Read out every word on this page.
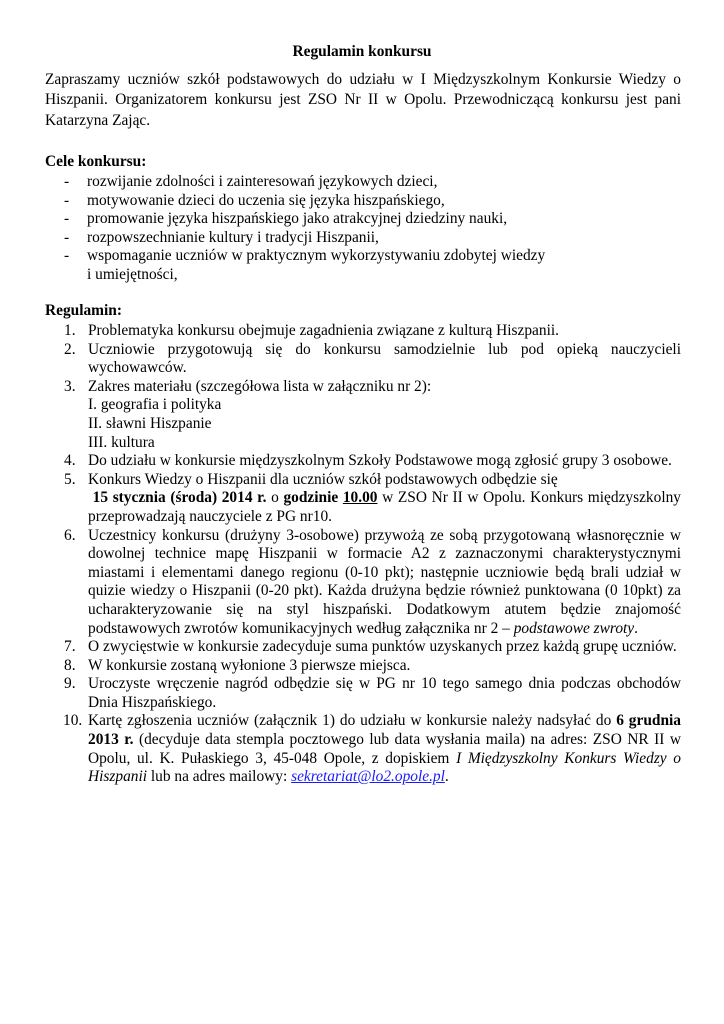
Regulamin konkursu

Zapraszamy uczniów szkół podstawowych do udziału w I Międzyszkolnym Konkursie Wiedzy o Hiszpanii. Organizatorem konkursu jest ZSO Nr II w Opolu. Przewodniczącą konkursu jest pani Katarzyna Zając.

Cele konkursu:
- rozwijanie zdolności i zainteresowań językowych dzieci,
- motywowanie dzieci do uczenia się języka hiszpańskiego,
- promowanie języka hiszpańskiego jako atrakcyjnej dziedziny nauki,
- rozpowszechnianie kultury i tradycji Hiszpanii,
- wspomaganie uczniów w praktycznym wykorzystywaniu zdobytej wiedzy
i umiejętności,
Regulamin:
1. Problematyka konkursu obejmuje zagadnienia związane z kulturą Hiszpanii.
2. Uczniowie przygotowują się do konkursu samodzielnie lub pod opieką nauczycieli wychowawców.
3. Zakres materiału (szczegółowa lista w załączniku nr 2):
I. geografia i polityka
II. sławni Hiszpanie
III. kultura
4. Do udziału w konkursie międzyszkolnym Szkoły Podstawowe mogą zgłosić grupy 3 osobowe.
5. Konkurs Wiedzy o Hiszpanii dla uczniów szkół podstawowych odbędzie się
15 stycznia (środa) 2014 r. o godzinie 10.00 w ZSO Nr II w Opolu. Konkurs międzyszkolny przeprowadzają nauczyciele z PG nr10.
6. Uczestnicy konkursu (drużyny 3-osobowe) przywożą ze sobą przygotowaną własnoręcznie w dowolnej technice mapę Hiszpanii w formacie A2 z zaznaczonymi charakterystycznymi miastami i elementami danego regionu (0-10 pkt); następnie uczniowie będą brali udział w quizie wiedzy o Hiszpanii (0-20 pkt). Każda drużyna będzie również punktowana (0 10pkt) za ucharakteryzowanie się na styl hiszpański. Dodatkowym atutem będzie znajomość podstawowych zwrotów komunikacyjnych według załącznika nr 2 – podstawowe zwroty.
7. O zwycięstwie w konkursie zadecyduje suma punktów uzyskanych przez każdą grupę uczniów.
8. W konkursie zostaną wyłonione 3 pierwsze miejsca.
9. Uroczyste wręczenie nagród odbędzie się w PG nr 10 tego samego dnia podczas obchodów Dnia Hiszpańskiego.
10. Kartę zgłoszenia uczniów (załącznik 1) do udziału w konkursie należy nadsyłać do 6 grudnia 2013 r. (decyduje data stempla pocztowego lub data wysłania maila) na adres: ZSO NR II w Opolu, ul. K. Pułaskiego 3, 45-048 Opole, z dopiskiem I Międzyszkolny Konkurs Wiedzy o Hiszpanii lub na adres mailowy: sekretariat@lo2.opole.pl.
